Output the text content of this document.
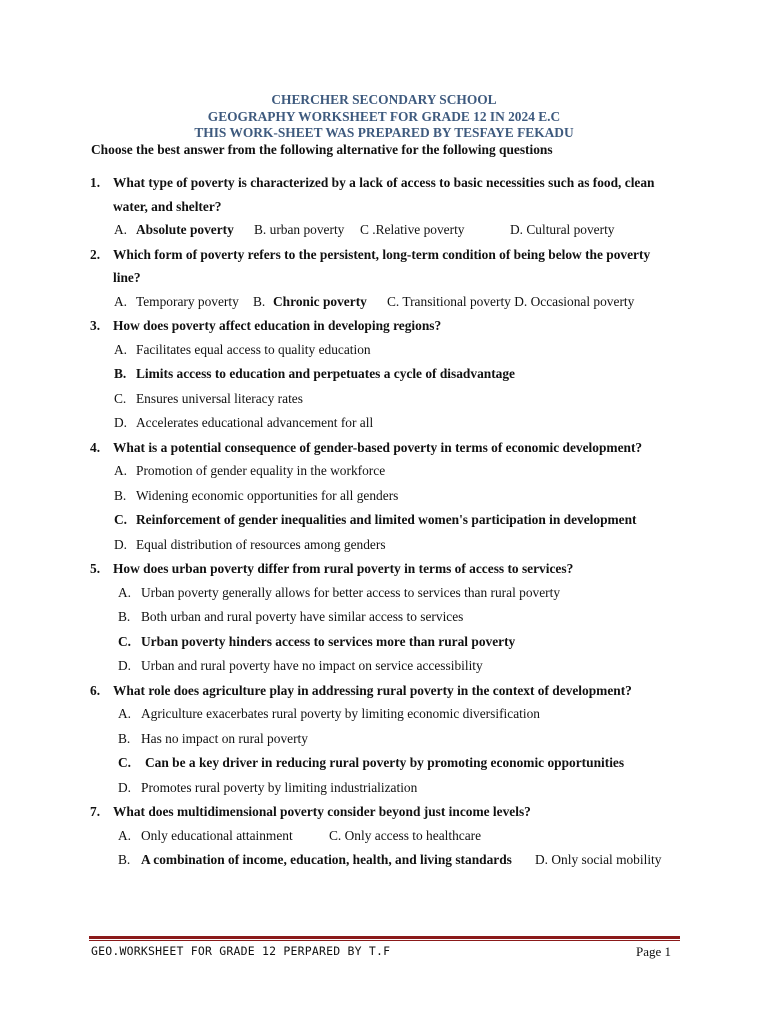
CHERCHER SECONDARY SCHOOL
GEOGRAPHY WORKSHEET FOR GRADE 12 IN 2024 E.C
THIS WORK-SHEET WAS PREPARED BY TESFAYE FEKADU
Choose the best answer from the following alternative for the following questions
1. What type of poverty is characterized by a lack of access to basic necessities such as food, clean
water, and shelter?
A. Absolute poverty B. urban poverty C .Relative poverty	D. Cultural poverty
2. Which form of poverty refers to the persistent, long-term condition of being below the poverty
line?
A. Temporary poverty B. Chronic poverty C. Transitional poverty D. Occasional poverty
3. How does poverty affect education in developing regions?
A. Facilitates equal access to quality education
B. Limits access to education and perpetuates a cycle of disadvantage
C. Ensures universal literacy rates
D. Accelerates educational advancement for all
4. What is a potential consequence of gender-based poverty in terms of economic development?
A. Promotion of gender equality in the workforce
B. Widening economic opportunities for all genders
C. Reinforcement of gender inequalities and limited women's participation in development
D. Equal distribution of resources among genders
5. How does urban poverty differ from rural poverty in terms of access to services?
A. Urban poverty generally allows for better access to services than rural poverty
B. Both urban and rural poverty have similar access to services
C. Urban poverty hinders access to services more than rural poverty
D. Urban and rural poverty have no impact on service accessibility
6. What role does agriculture play in addressing rural poverty in the context of development?
A. Agriculture exacerbates rural poverty by limiting economic diversification
B. Has no impact on rural poverty
C. Can be a key driver in reducing rural poverty by promoting economic opportunities
D. Promotes rural poverty by limiting industrialization
7. What does multidimensional poverty consider beyond just income levels?
A. Only educational attainment	C. Only access to healthcare
B. A combination of income, education, health, and living standards D. Only social mobility
GEO.WORKSHEET FOR GRADE 12 PERPARED BY T.F	Page 1
